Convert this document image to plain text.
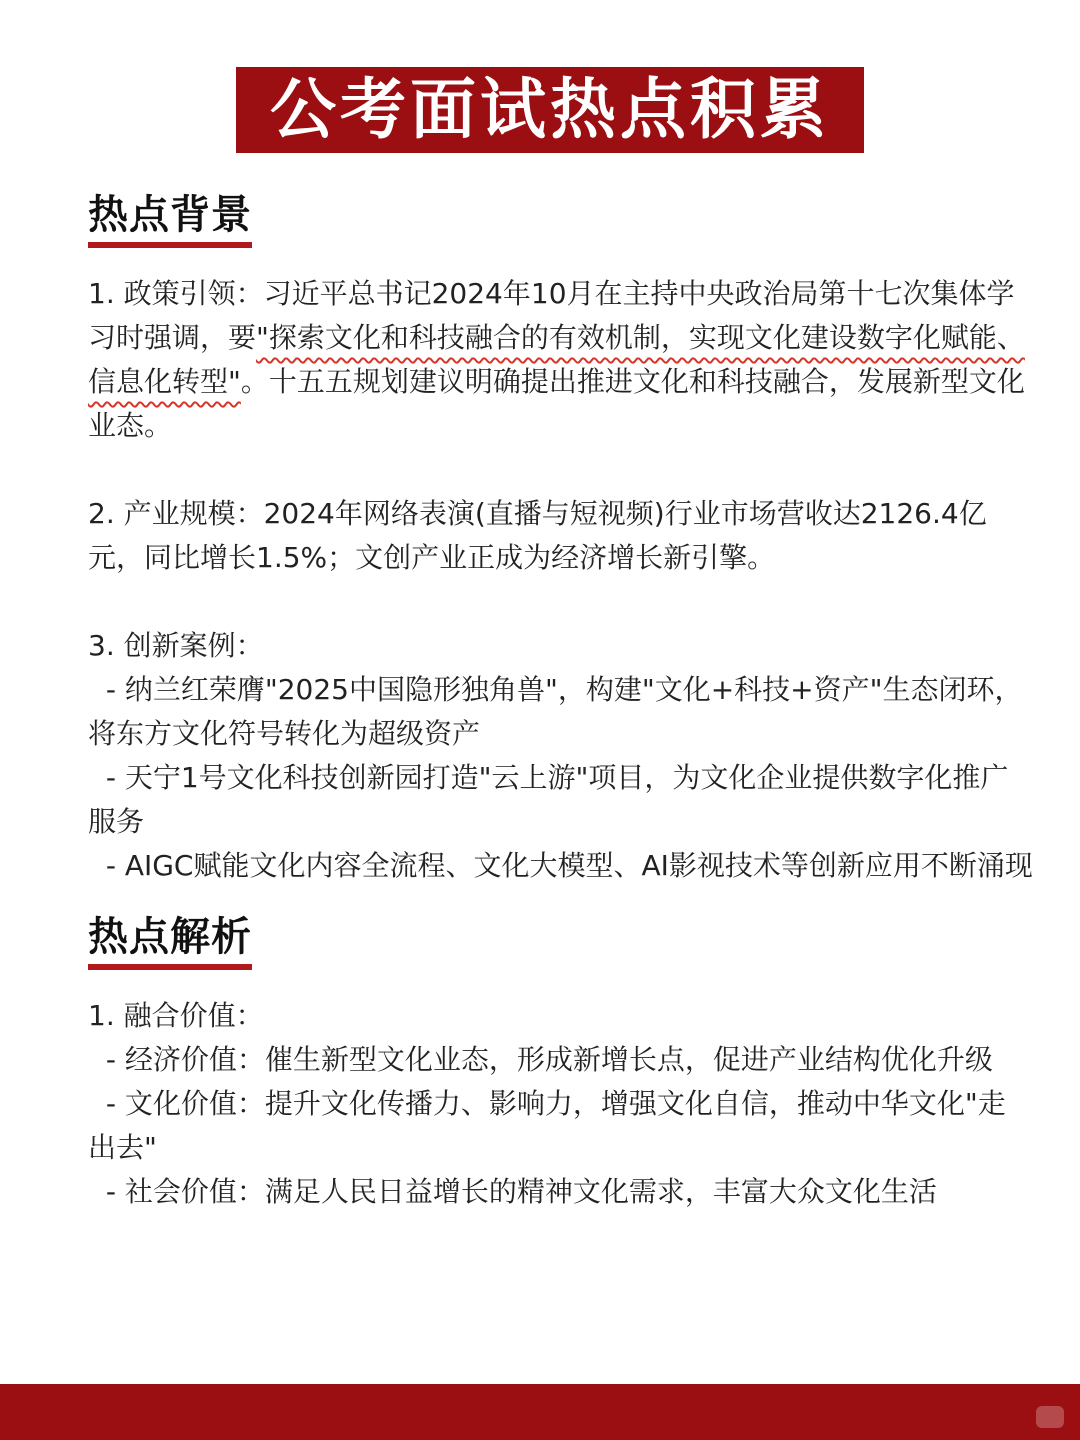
公考面试热点积累
热点背景

1. 政策引领：习近平总书记2024年10月在主持中央政治局第十七次集体学习时强调，要"探索文化和科技融合的有效机制，实现文化建设数字化赋能、信息化转型"。十五五规划建议明确提出推进文化和科技融合，发展新型文化业态。

2. 产业规模：2024年网络表演(直播与短视频)行业市场营收达2126.4亿元，同比增长1.5%；文创产业正成为经济增长新引擎。

3. 创新案例：

- 纳兰红荣膺"2025中国隐形独角兽"，构建"文化+科技+资产"生态闭环，将东方文化符号转化为超级资产

- 天宁1号文化科技创新园打造"云上游"项目，为文化企业提供数字化推广服务

- AIGC赋能文化内容全流程、文化大模型、AI影视技术等创新应用不断涌现

热点解析

1. 融合价值：

- 经济价值：催生新型文化业态，形成新增长点，促进产业结构优化升级

- 文化价值：提升文化传播力、影响力，增强文化自信，推动中华文化"走出去"

- 社会价值：满足人民日益增长的精神文化需求，丰富大众文化生活
